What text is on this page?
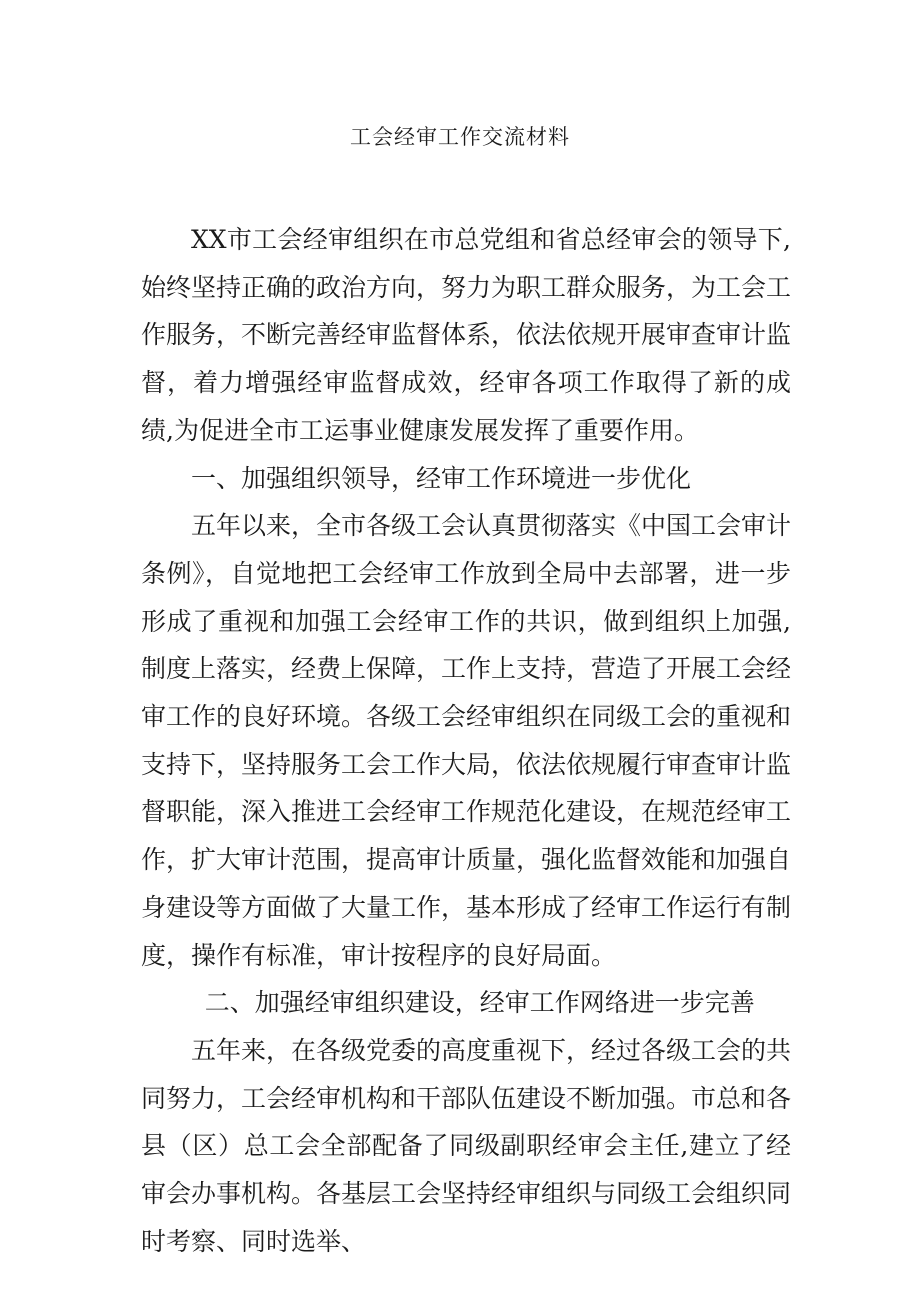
工会经审工作交流材料

XX市工会经审组织在市总党组和省总经审会的领导下,始终坚持正确的政治方向，努力为职工群众服务，为工会工作服务，不断完善经审监督体系，依法依规开展审查审计监督，着力增强经审监督成效，经审各项工作取得了新的成绩,为促进全市工运事业健康发展发挥了重要作用。

一、加强组织领导，经审工作环境进一步优化

五年以来，全市各级工会认真贯彻落实《中国工会审计条例》，自觉地把工会经审工作放到全局中去部署，进一步形成了重视和加强工会经审工作的共识，做到组织上加强,制度上落实，经费上保障，工作上支持，营造了开展工会经审工作的良好环境。各级工会经审组织在同级工会的重视和支持下，坚持服务工会工作大局，依法依规履行审查审计监督职能，深入推进工会经审工作规范化建设，在规范经审工作，扩大审计范围，提高审计质量，强化监督效能和加强自身建设等方面做了大量工作，基本形成了经审工作运行有制度，操作有标准，审计按程序的良好局面。

二、加强经审组织建设，经审工作网络进一步完善

五年来，在各级党委的高度重视下，经过各级工会的共同努力，工会经审机构和干部队伍建设不断加强。市总和各县（区）总工会全部配备了同级副职经审会主任,建立了经审会办事机构。各基层工会坚持经审组织与同级工会组织同时考察、同时选举、
